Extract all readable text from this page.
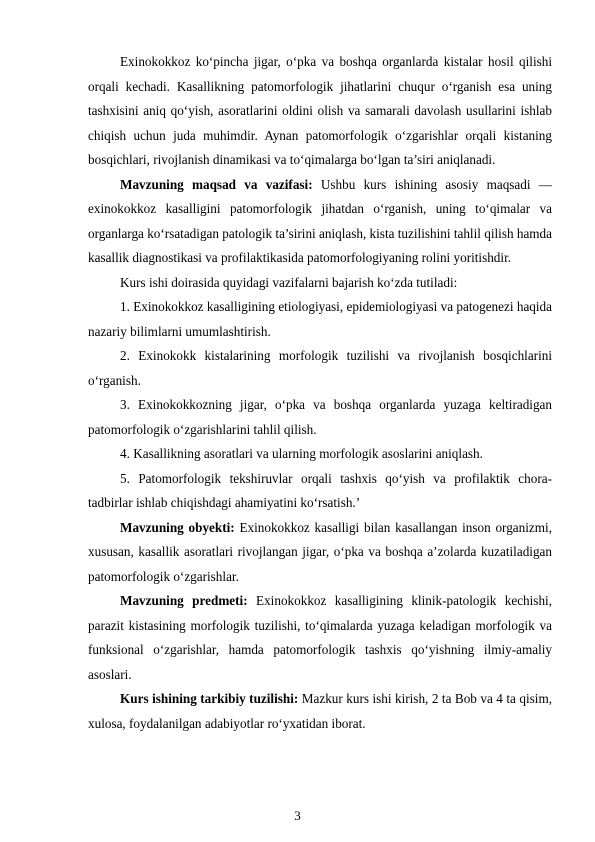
Exinokokkoz ko‘pincha jigar, o‘pka va boshqa organlarda kistalar hosil qilishi orqali kechadi. Kasallikning patomorfologik jihatlarini chuqur o‘rganish esa uning tashxisini aniq qo‘yish, asoratlarini oldini olish va samarali davolash usullarini ishlab chiqish uchun juda muhimdir. Aynan patomorfologik o‘zgarishlar orqali kistaning bosqichlari, rivojlanish dinamikasi va to‘qimalarga bo‘lgan ta’siri aniqlanadi.

Mavzuning maqsad va vazifasi: Ushbu kurs ishining asosiy maqsadi — exinokokkoz kasalligini patomorfologik jihatdan o‘rganish, uning to‘qimalar va organlarga ko‘rsatadigan patologik ta’sirini aniqlash, kista tuzilishini tahlil qilish hamda kasallik diagnostikasi va profilaktikasida patomorfologiyaning rolini yoritishdir.

Kurs ishi doirasida quyidagi vazifalarni bajarish ko‘zda tutiladi:

1. Exinokokkoz kasalligining etiologiyasi, epidemiologiyasi va patogenezi haqida nazariy bilimlarni umumlashtirish.

2. Exinokokk kistalarining morfologik tuzilishi va rivojlanish bosqichlarini o‘rganish.

3. Exinokokkozning jigar, o‘pka va boshqa organlarda yuzaga keltiradigan patomorfologik o‘zgarishlarini tahlil qilish.

4. Kasallikning asoratlari va ularning morfologik asoslarini aniqlash.

5. Patomorfologik tekshiruvlar orqali tashxis qo‘yish va profilaktik chora-tadbirlar ishlab chiqishdagi ahamiyatini ko‘rsatish.’

Mavzuning obyekti: Exinokokkoz kasalligi bilan kasallangan inson organizmi, xususan, kasallik asoratlari rivojlangan jigar, o‘pka va boshqa a’zolarda kuzatiladigan patomorfologik o‘zgarishlar.

Mavzuning predmeti: Exinokokkoz kasalligining klinik-patologik kechishi, parazit kistasining morfologik tuzilishi, to‘qimalarda yuzaga keladigan morfologik va funksional o‘zgarishlar, hamda patomorfologik tashxis qo‘yishning ilmiy-amaliy asoslari.

Kurs ishining tarkibiy tuzilishi: Mazkur kurs ishi kirish, 2 ta Bob va 4 ta qisim, xulosa, foydalanilgan adabiyotlar ro‘yxatidan iborat.

3
